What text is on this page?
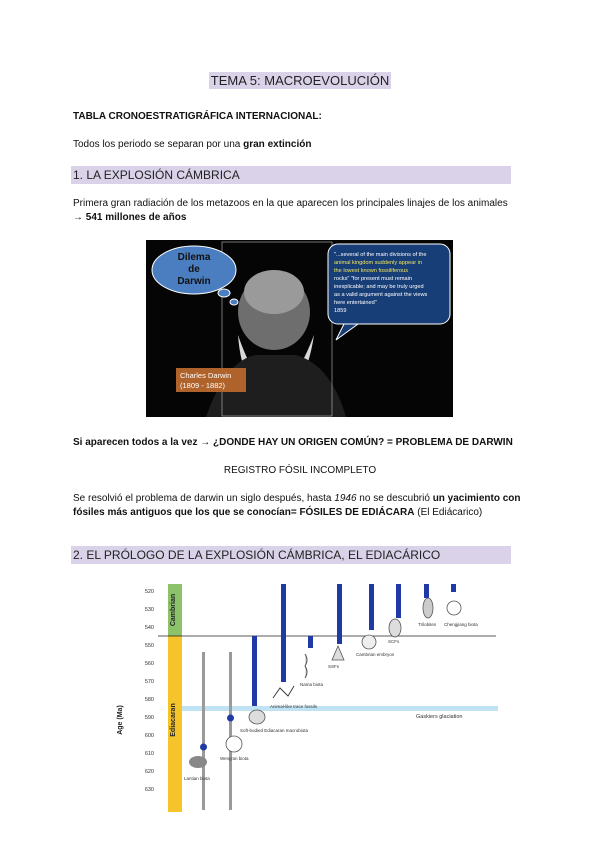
TEMA 5: MACROEVOLUCIÓN
TABLA CRONOESTRATIGRÁFICA INTERNACIONAL:
Todos los periodo se separan por una gran extinción
1. LA EXPLOSIÓN CÁMBRICA
Primera gran radiación de los metazoos en la que aparecen los principales linajes de los animales
→ 541 millones de años
Dilema
de
Darwin
"...several of the main divisions of the
animal kingdom suddenly appear in
the lowest known fossiliferous
rocks" "for present must remain
inexplicable; and may be truly urged
as a valid argument against the views
here entertained"
1859
Charles Darwin
(1809 - 1882)
Si aparecen todos a la vez → ¿DONDE HAY UN ORIGEN COMÚN? = PROBLEMA DE DARWIN
REGISTRO FÓSIL INCOMPLETO
Se resolvió el problema de darwin un siglo después, hasta 1946 no se descubrió un yacimiento con
fósiles más antiguos que los que se conocían= FÓSILES DE EDIÁCARA (El Ediácarico)
2. EL PRÓLOGO DE LA EXPLOSIÓN CÁMBRICA, EL EDIACÁRICO
Age (Ma)
520
530
540
550
560
570
580
590
600
610
620
630
Cambrian
Ediacaran	Gaskiers glaciation
Lantian biota
Weng'an biota
Soft-bodied Ediacaran macrobiota
Animal-like trace fossils
Nama biota
SSFs
Cambrian embryos
SCFs
Trilobites Chengjiang biota
